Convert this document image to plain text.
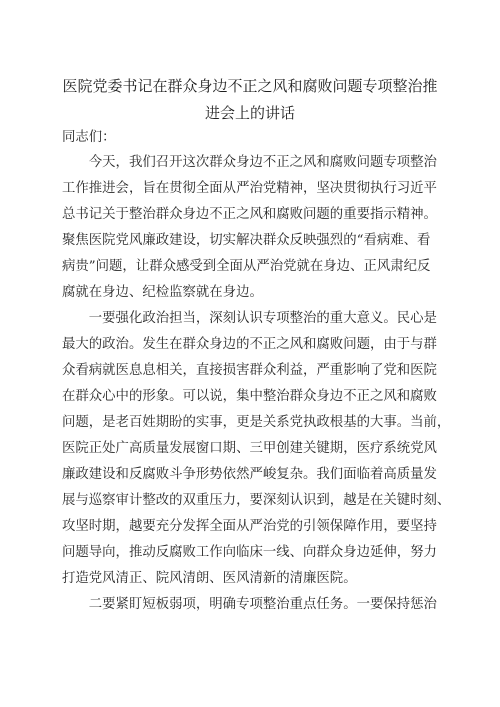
医院党委书记在群众身边不正之风和腐败问题专项整治推
进会上的讲话
同志们：
　　今天，我们召开这次群众身边不正之风和腐败问题专项整治
工作推进会，旨在贯彻全面从严治党精神，坚决贯彻执行习近平
总书记关于整治群众身边不正之风和腐败问题的重要指示精神。
聚焦医院党风廉政建设，切实解决群众反映强烈的“看病难、看
病贵”问题，让群众感受到全面从严治党就在身边、正风肃纪反
腐就在身边、纪检监察就在身边。
　　一要强化政治担当，深刻认识专项整治的重大意义。民心是
最大的政治。发生在群众身边的不正之风和腐败问题，由于与群
众看病就医息息相关，直接损害群众利益，严重影响了党和医院
在群众心中的形象。可以说，集中整治群众身边不正之风和腐败
问题，是老百姓期盼的实事，更是关系党执政根基的大事。当前，
医院正处广高质量发展窗口期、三甲创建关键期，医疗系统党风
廉政建设和反腐败斗争形势依然严峻复杂。我们面临着高质量发
展与巡察审计整改的双重压力，要深刻认识到，越是在关键时刻、
攻坚时期，越要充分发挥全面从严治党的引领保障作用，要坚持
问题导向，推动反腐败工作向临床一线、向群众身边延伸，努力
打造党风清正、院风清朗、医风清新的清廉医院。
　　二要紧盯短板弱项，明确专项整治重点任务。一要保持惩治
